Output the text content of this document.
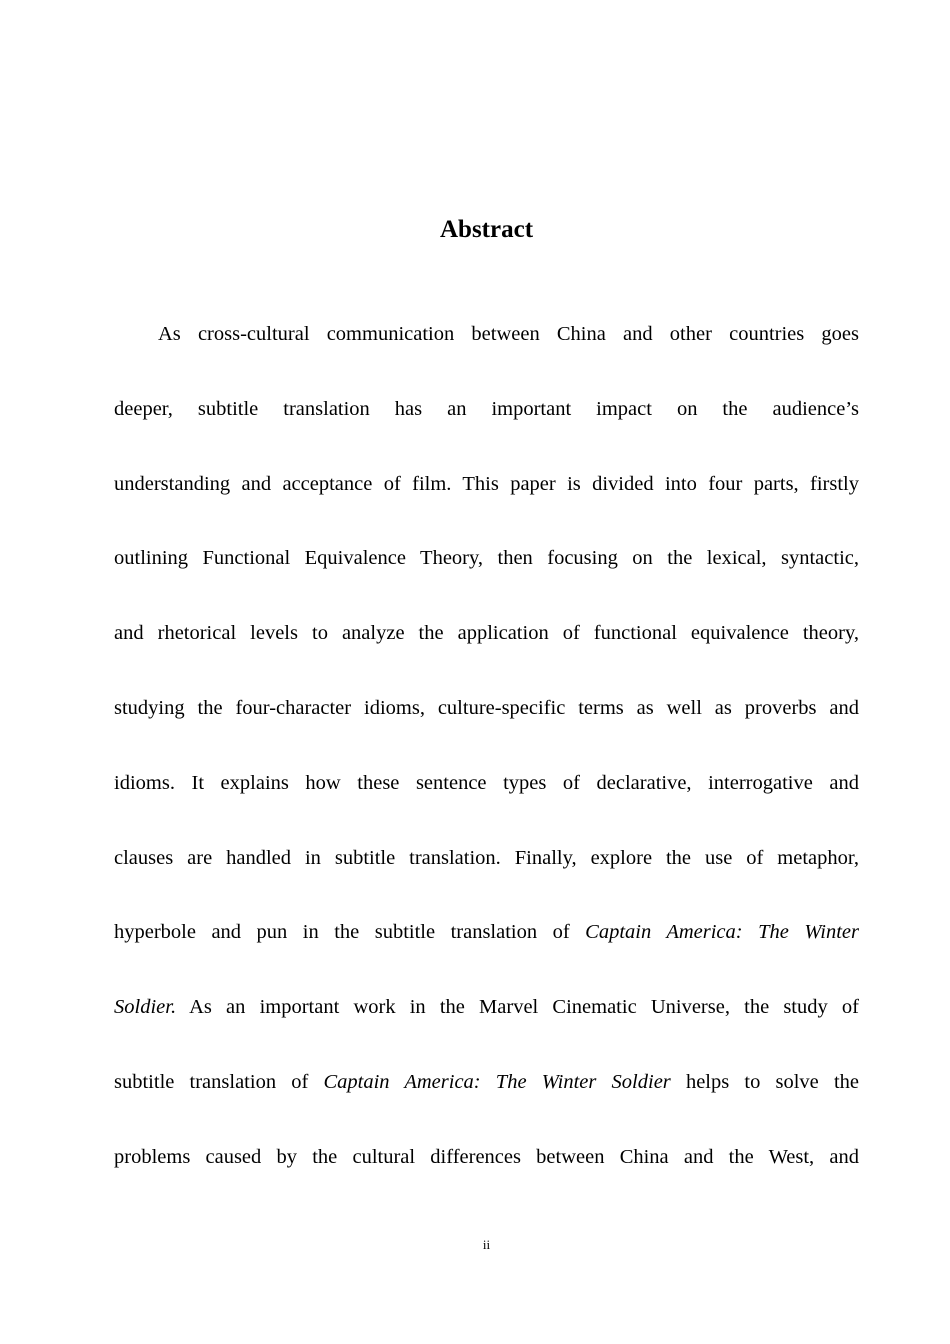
Abstract
As cross-cultural communication between China and other countries goes
deeper, subtitle translation has an important impact on the audience’s
understanding and acceptance of film. This paper is divided into four parts, firstly
outlining Functional Equivalence Theory, then focusing on the lexical, syntactic,
and rhetorical levels to analyze the application of functional equivalence theory,
studying the four-character idioms, culture-specific terms as well as proverbs and
idioms. It explains how these sentence types of declarative, interrogative and
clauses are handled in subtitle translation. Finally, explore the use of metaphor,
hyperbole and pun in the subtitle translation of Captain America: The Winter
Soldier. As an important work in the Marvel Cinematic Universe, the study of
subtitle translation of Captain America: The Winter Soldier helps to solve the
problems caused by the cultural differences between China and the West, and
ii
